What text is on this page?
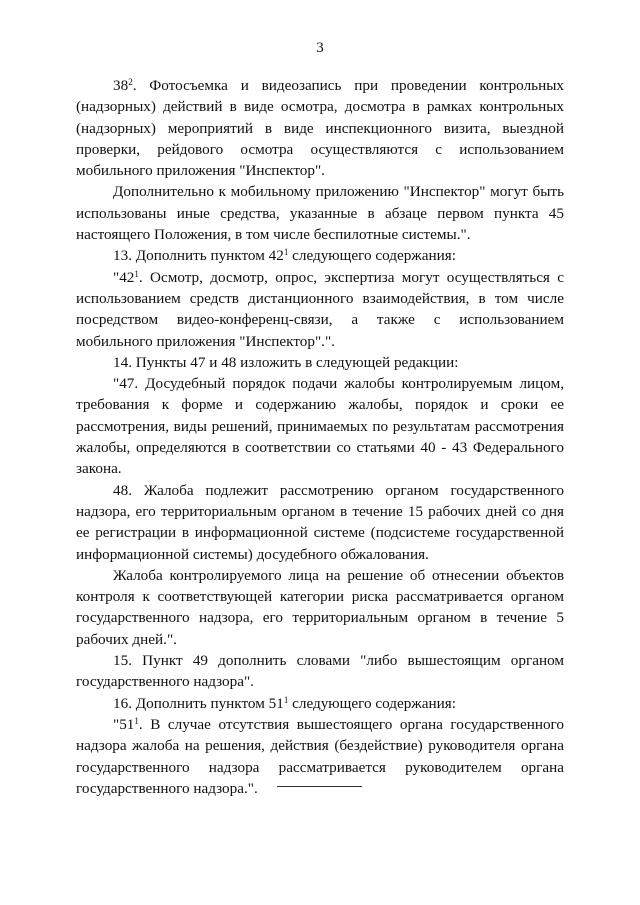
3

$38^2$. Фотосъемка и видеозапись при проведении контрольных (надзорных) действий в виде осмотра, досмотра в рамках контрольных (надзорных) мероприятий в виде инспекционного визита, выездной проверки, рейдового осмотра осуществляются с использованием мобильного приложения "Инспектор".

Дополнительно к мобильному приложению "Инспектор" могут быть использованы иные средства, указанные в абзаце первом пункта 45 настоящего Положения, в том числе беспилотные системы.".

13. Дополнить пунктом $42^1$ следующего содержания:

"$42^1$. Осмотр, досмотр, опрос, экспертиза могут осуществляться с использованием средств дистанционного взаимодействия, в том числе посредством видео-конференц-связи, а также с использованием мобильного приложения "Инспектор".".

14. Пункты 47 и 48 изложить в следующей редакции:

"47. Досудебный порядок подачи жалобы контролируемым лицом, требования к форме и содержанию жалобы, порядок и сроки ее рассмотрения, виды решений, принимаемых по результатам рассмотрения жалобы, определяются в соответствии со статьями 40 - 43 Федерального закона.

48. Жалоба подлежит рассмотрению органом государственного надзора, его территориальным органом в течение 15 рабочих дней со дня ее регистрации в информационной системе (подсистеме государственной информационной системы) досудебного обжалования.

Жалоба контролируемого лица на решение об отнесении объектов контроля к соответствующей категории риска рассматривается органом государственного надзора, его территориальным органом в течение 5 рабочих дней.".

15. Пункт 49 дополнить словами "либо вышестоящим органом государственного надзора".

16. Дополнить пунктом $51^1$ следующего содержания:

"$51^1$. В случае отсутствия вышестоящего органа государственного надзора жалоба на решения, действия (бездействие) руководителя органа государственного надзора рассматривается руководителем органа государственного надзора.".
